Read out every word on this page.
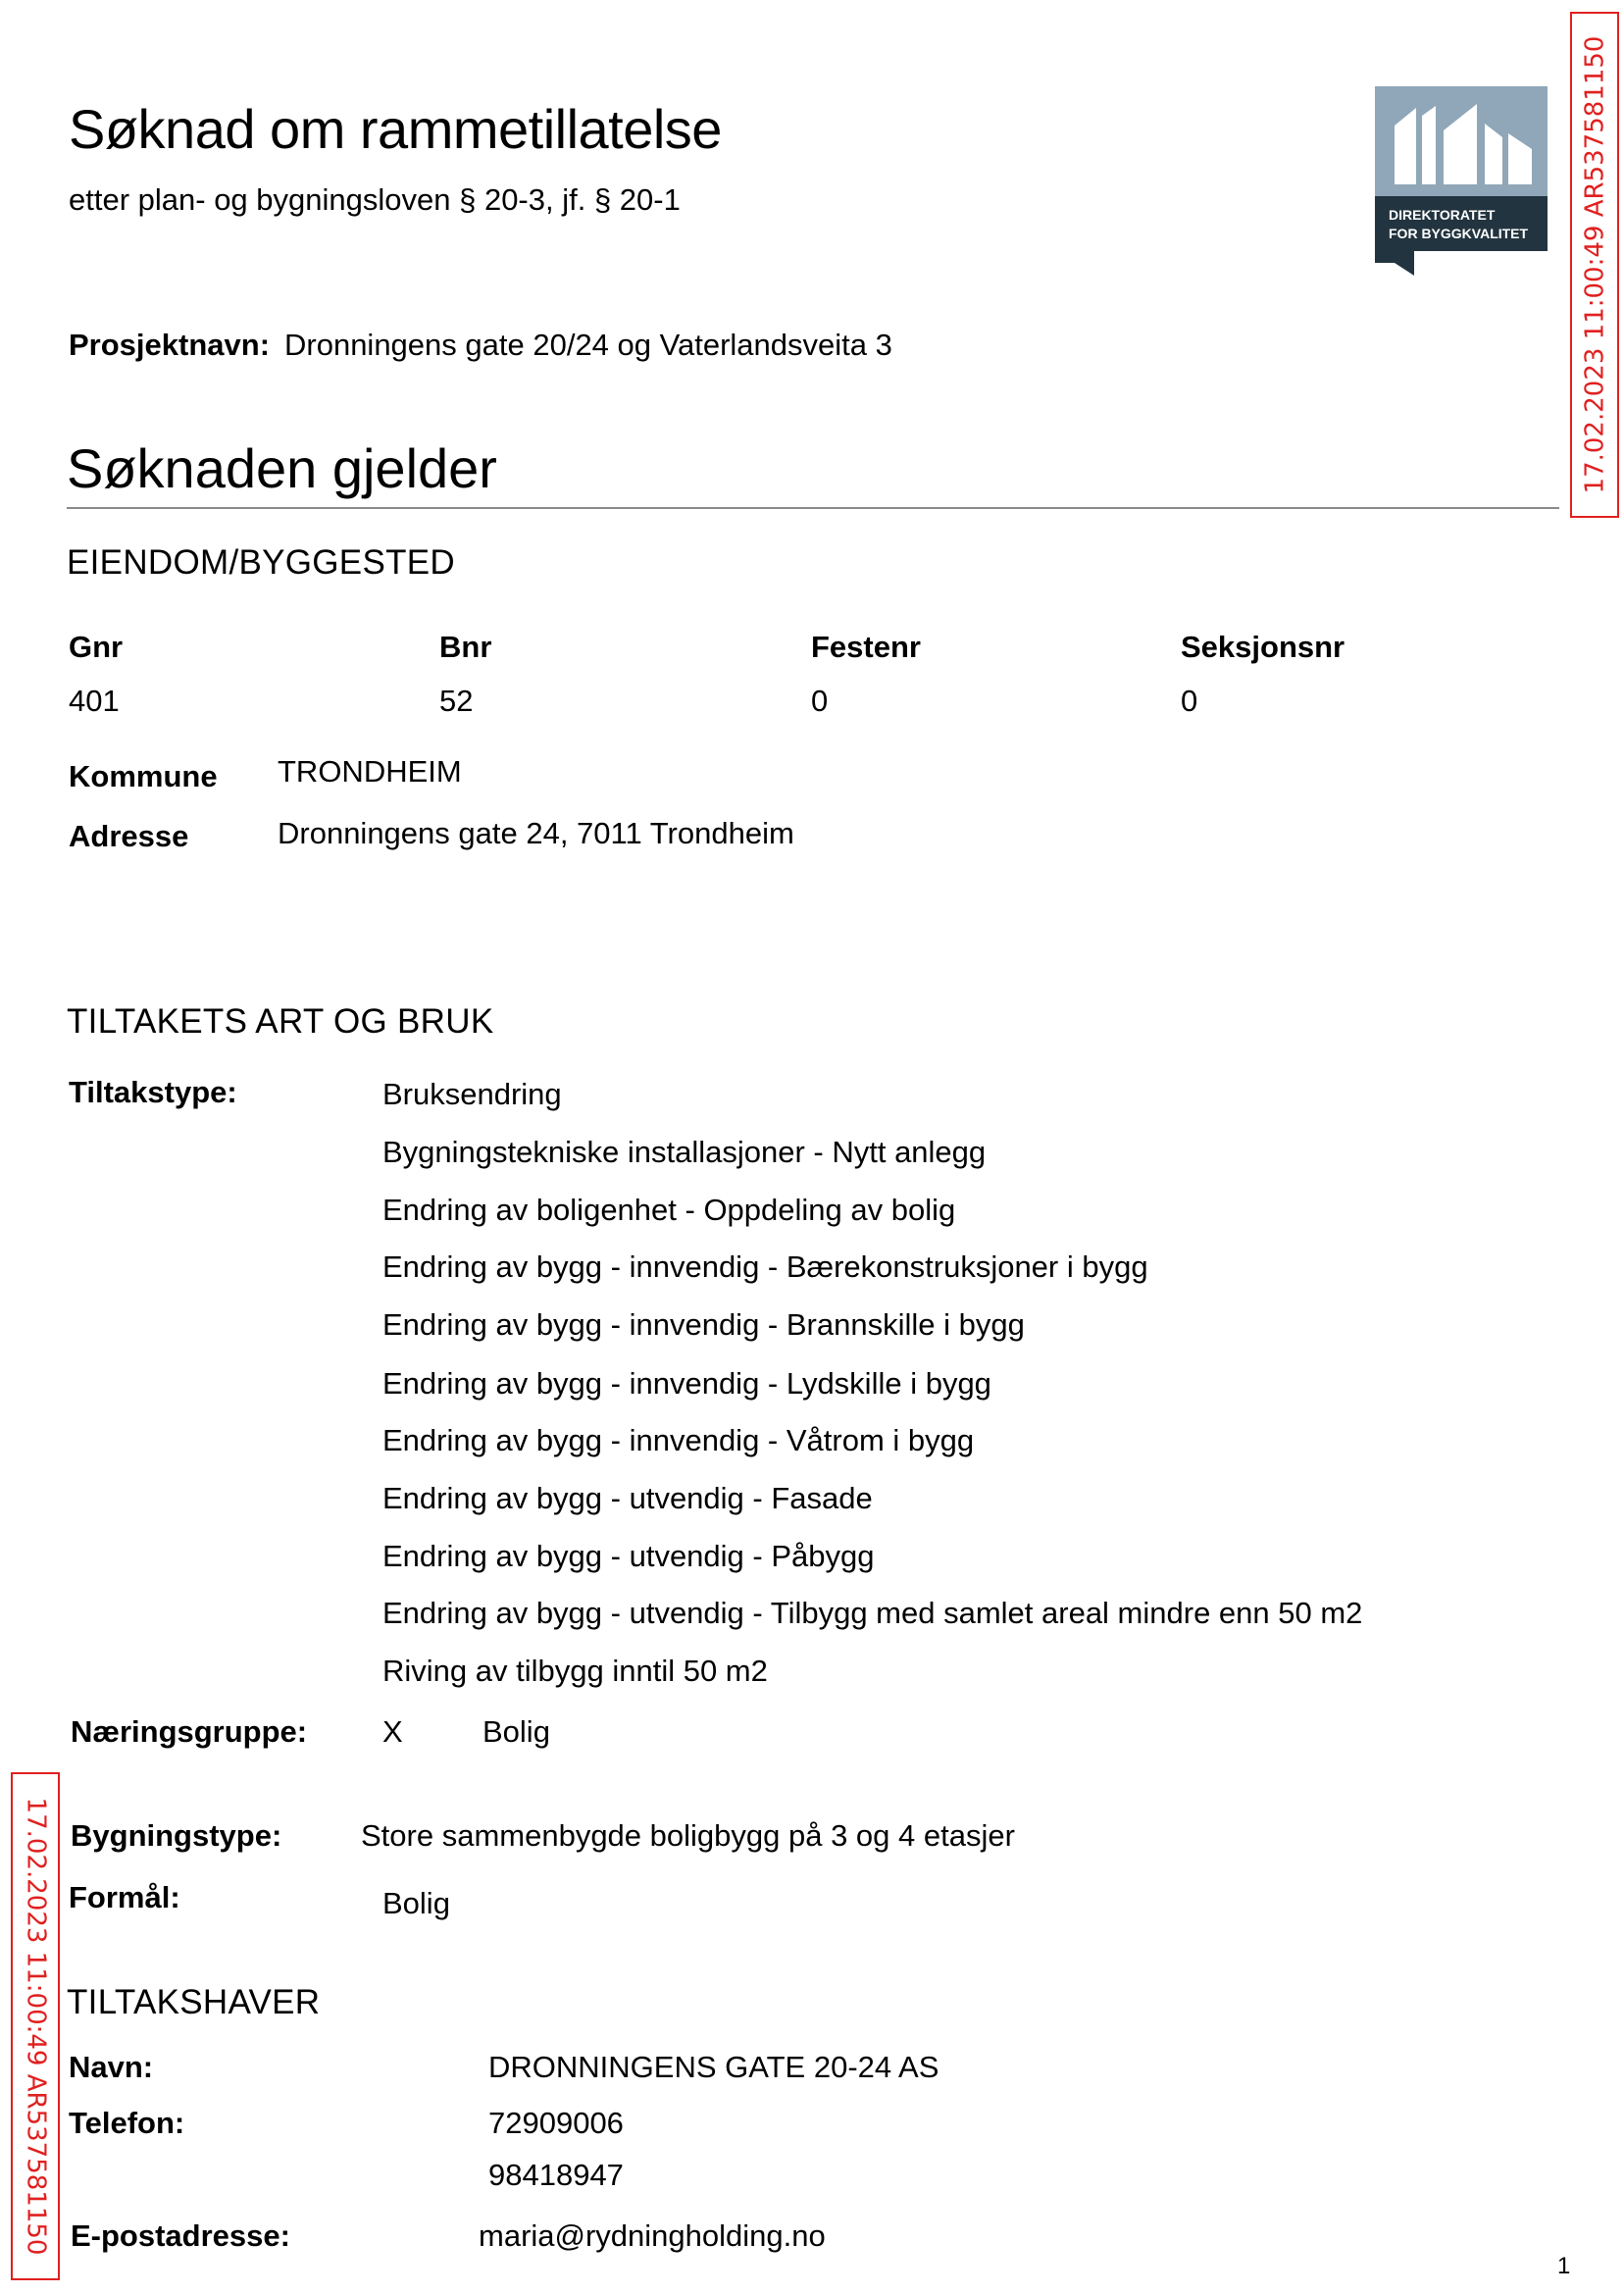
Søknad om rammetillatelse
etter plan- og bygningsloven § 20-3, jf. § 20-1	DIREKTORATET
FOR BYGGKVALITET 17.02.2023 11:00:49 AR537581150
17.02.2023 11:00:49 AR537581150
Prosjektnavn: Dronningens gate 20/24 og Vaterlandsveita 3
Søknaden gjelder
EIENDOM/BYGGESTED
Gnr	Bnr	Festenr	Seksjonsnr
401	52	0	0
Kommune TRONDHEIM
Adresse	Dronningens gate 24, 7011 Trondheim
TILTAKETS ART OG BRUK
Tiltakstype:	Bruksendring
Bygningstekniske installasjoner - Nytt anlegg
Endring av boligenhet - Oppdeling av bolig
Endring av bygg - innvendig - Bærekonstruksjoner i bygg
Endring av bygg - innvendig - Brannskille i bygg
Endring av bygg - innvendig - Lydskille i bygg
Endring av bygg - innvendig - Våtrom i bygg
Endring av bygg - utvendig - Fasade
Endring av bygg - utvendig - Påbygg
Endring av bygg - utvendig - Tilbygg med samlet areal mindre enn 50 m2
Riving av tilbygg inntil 50 m2
Næringsgruppe: X	Bolig
Bygningstype:	Store sammenbygde boligbygg på 3 og 4 etasjer
Formål:	Bolig
TILTAKSHAVER
Navn:	DRONNINGENS GATE 20-24 AS
Telefon:	72909006
98418947
E-postadresse:	maria@rydningholding.no
1
